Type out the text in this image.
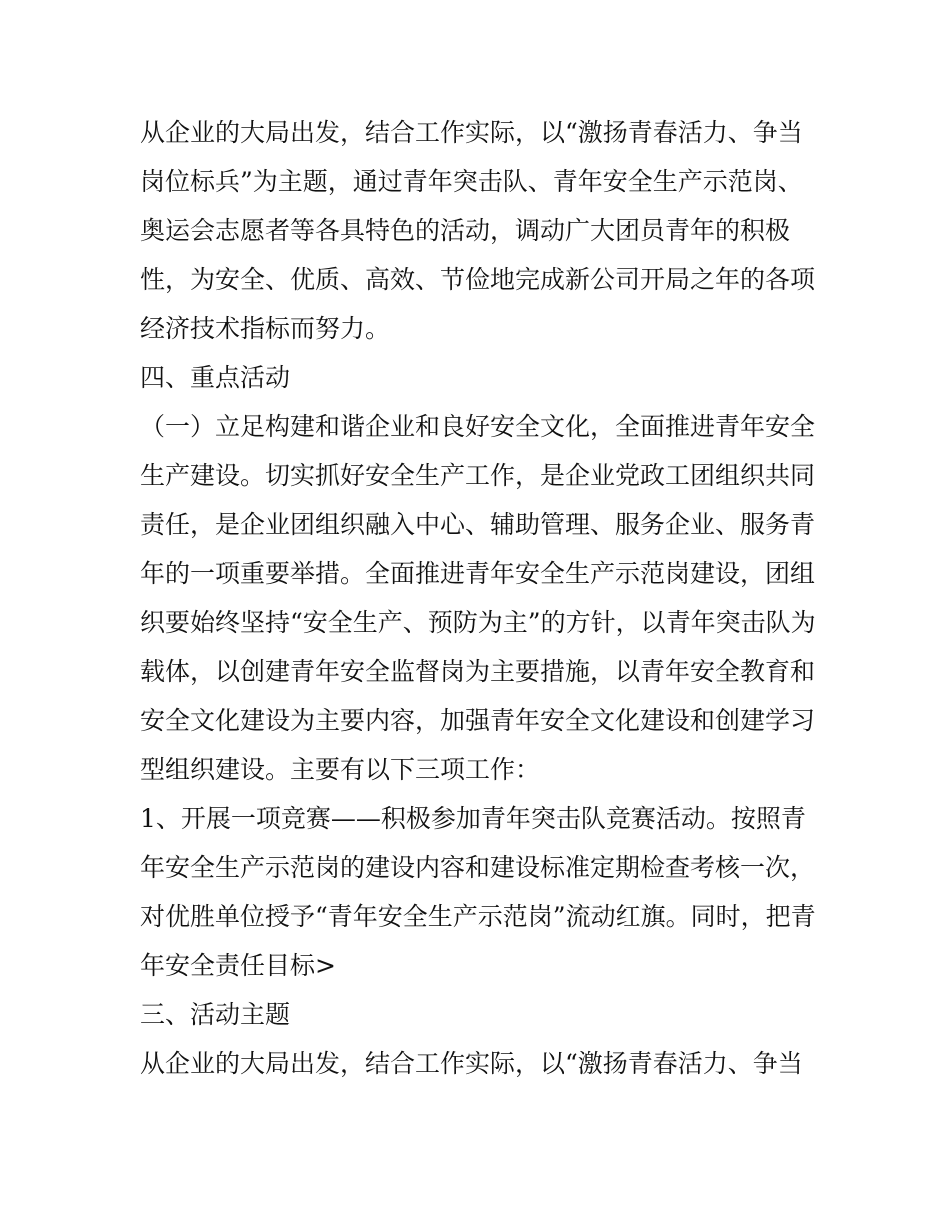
从企业的大局出发，结合工作实际，以“激扬青春活力、争当
岗位标兵”为主题，通过青年突击队、青年安全生产示范岗、
奥运会志愿者等各具特色的活动，调动广大团员青年的积极
性，为安全、优质、高效、节俭地完成新公司开局之年的各项
经济技术指标而努力。
四、重点活动
（一）立足构建和谐企业和良好安全文化，全面推进青年安全
生产建设。切实抓好安全生产工作，是企业党政工团组织共同
责任，是企业团组织融入中心、辅助管理、服务企业、服务青
年的一项重要举措。全面推进青年安全生产示范岗建设，团组
织要始终坚持“安全生产、预防为主”的方针，以青年突击队为
载体，以创建青年安全监督岗为主要措施，以青年安全教育和
安全文化建设为主要内容，加强青年安全文化建设和创建学习
型组织建设。主要有以下三项工作：
1、开展一项竞赛——积极参加青年突击队竞赛活动。按照青
年安全生产示范岗的建设内容和建设标准定期检查考核一次，
对优胜单位授予“青年安全生产示范岗”流动红旗。同时，把青
年安全责任目标>
三、活动主题
从企业的大局出发，结合工作实际，以“激扬青春活力、争当
